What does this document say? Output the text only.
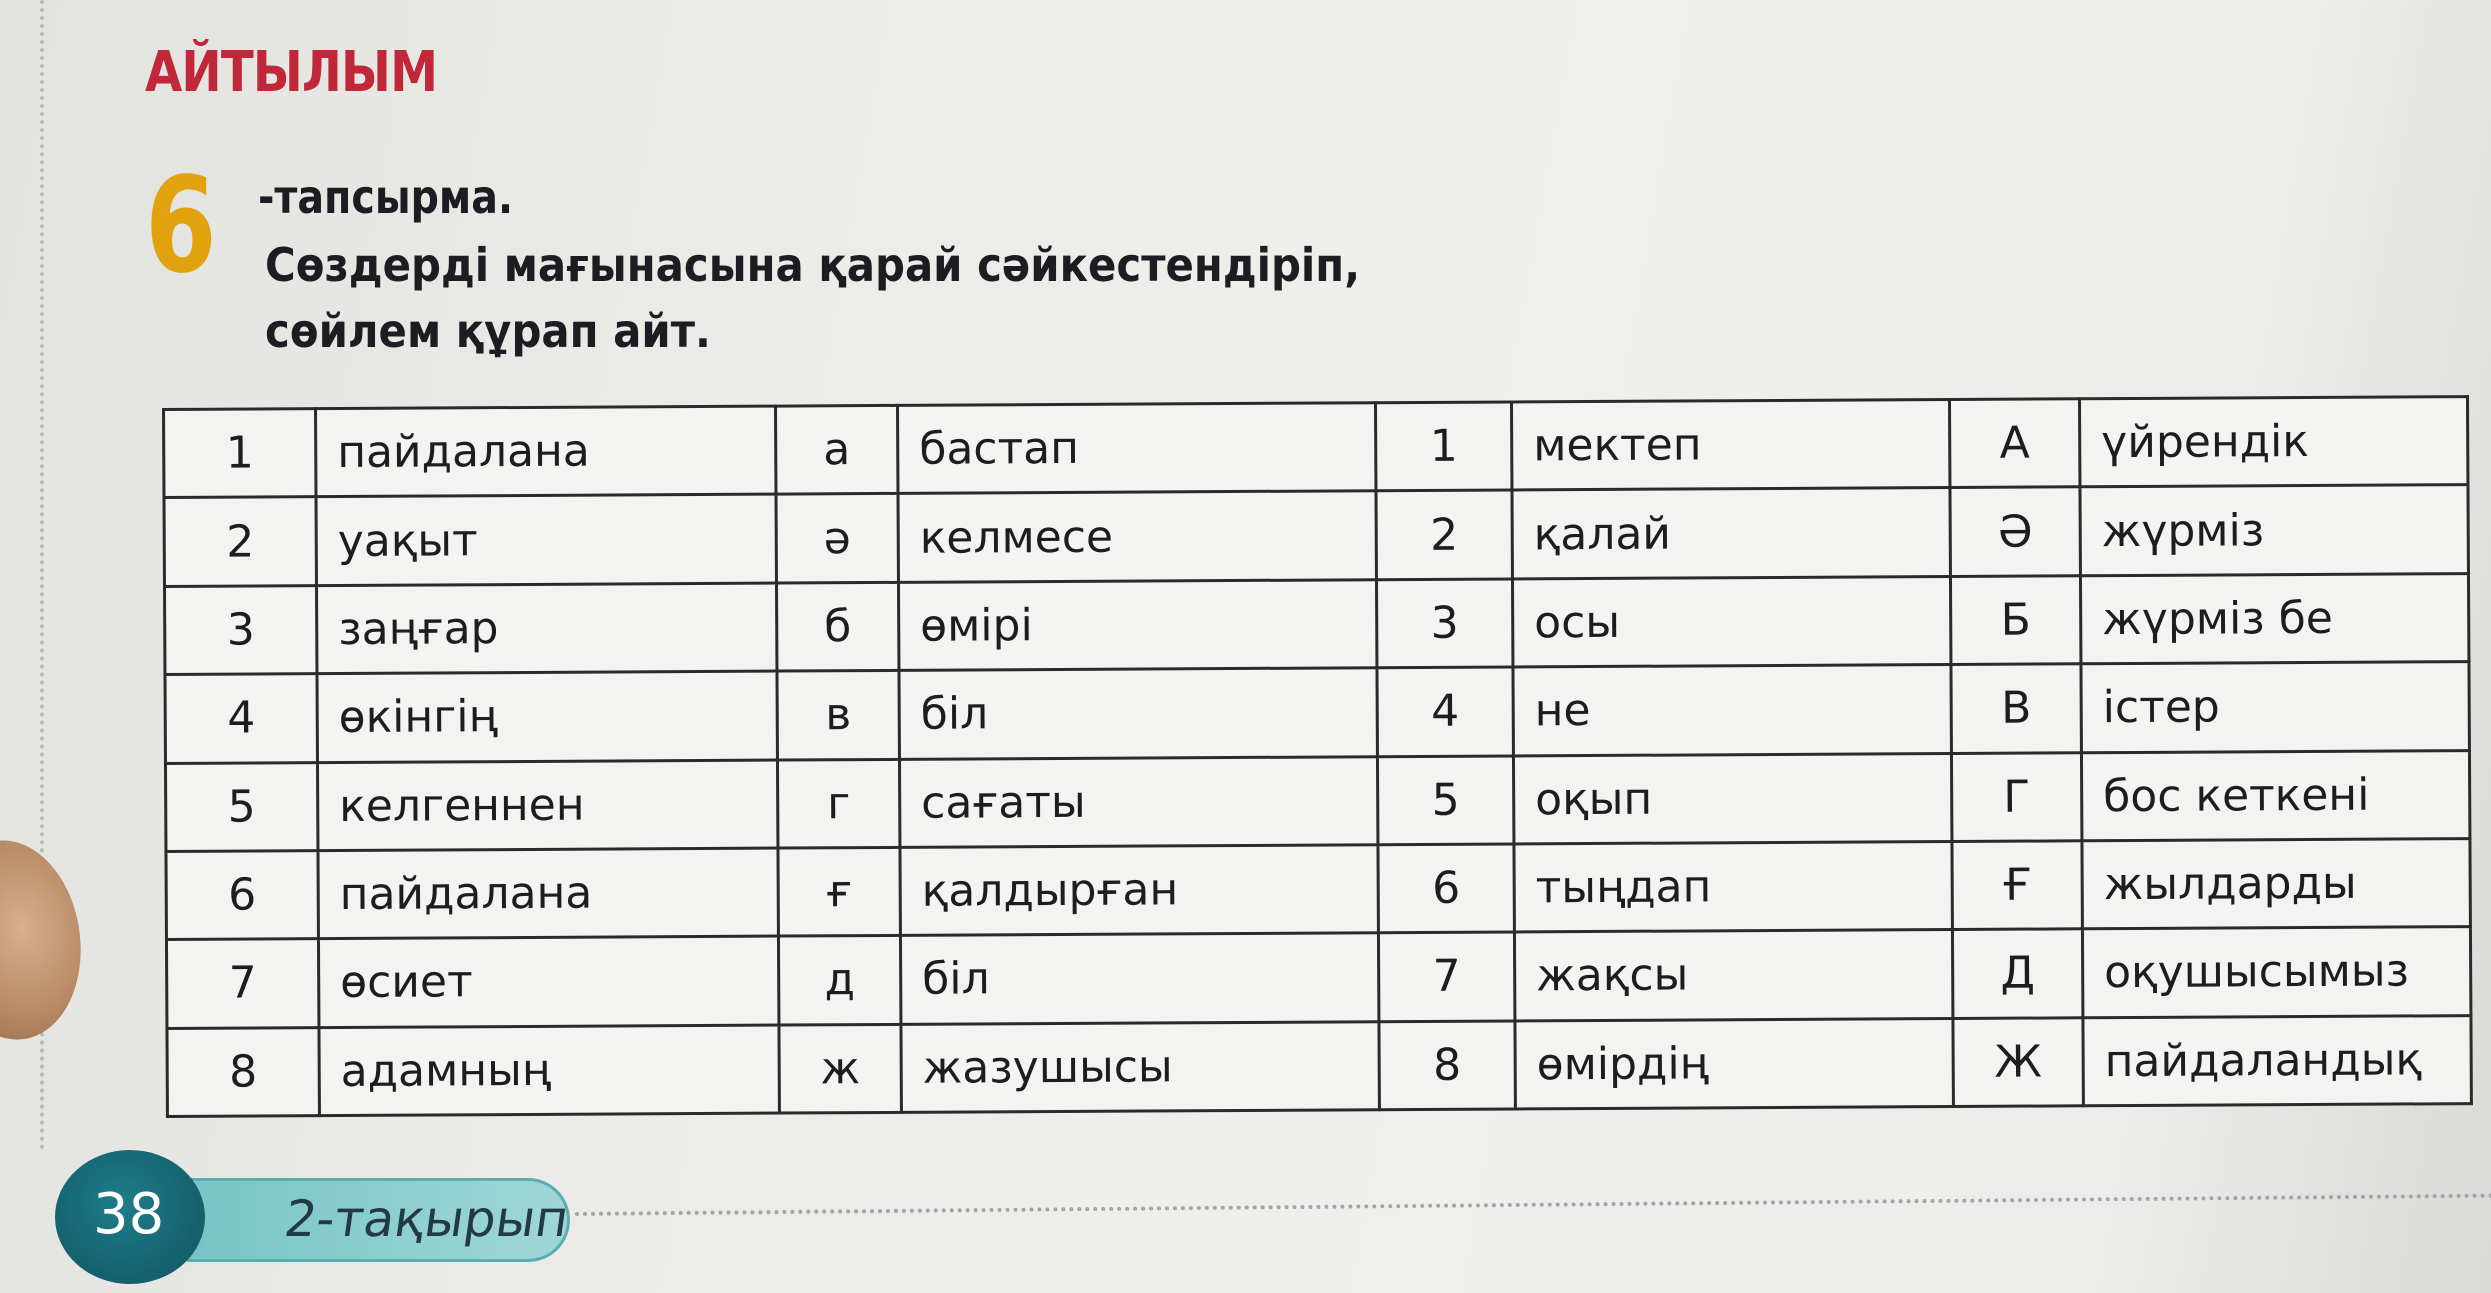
АЙТЫЛЫМ
6 -тапсырма.
Сөздерді мағынасына қарай сәйкестендіріп, сөйлем құрап айт.
1	пайдалана	а	бастап	1	мектеп	А	үйрендік
2	уақыт	ә	келмесе	2	қалай	Ә	жүрміз
3	заңғар	б	өмірі	3	осы	Б	жүрміз бе
4	өкінгің	в	біл	4	не	В	істер
5	келгеннен	г	сағаты	5	оқып	Г	бос кеткені
6	пайдалана	ғ	қалдырған	6	тыңдап	Ғ	жылдарды
7	өсиет	д	біл	7	жақсы	Д	оқушысымыз
8	адамның	ж	жазушысы	8	өмірдің	Ж	пайдаландық
2-тақырып
38
